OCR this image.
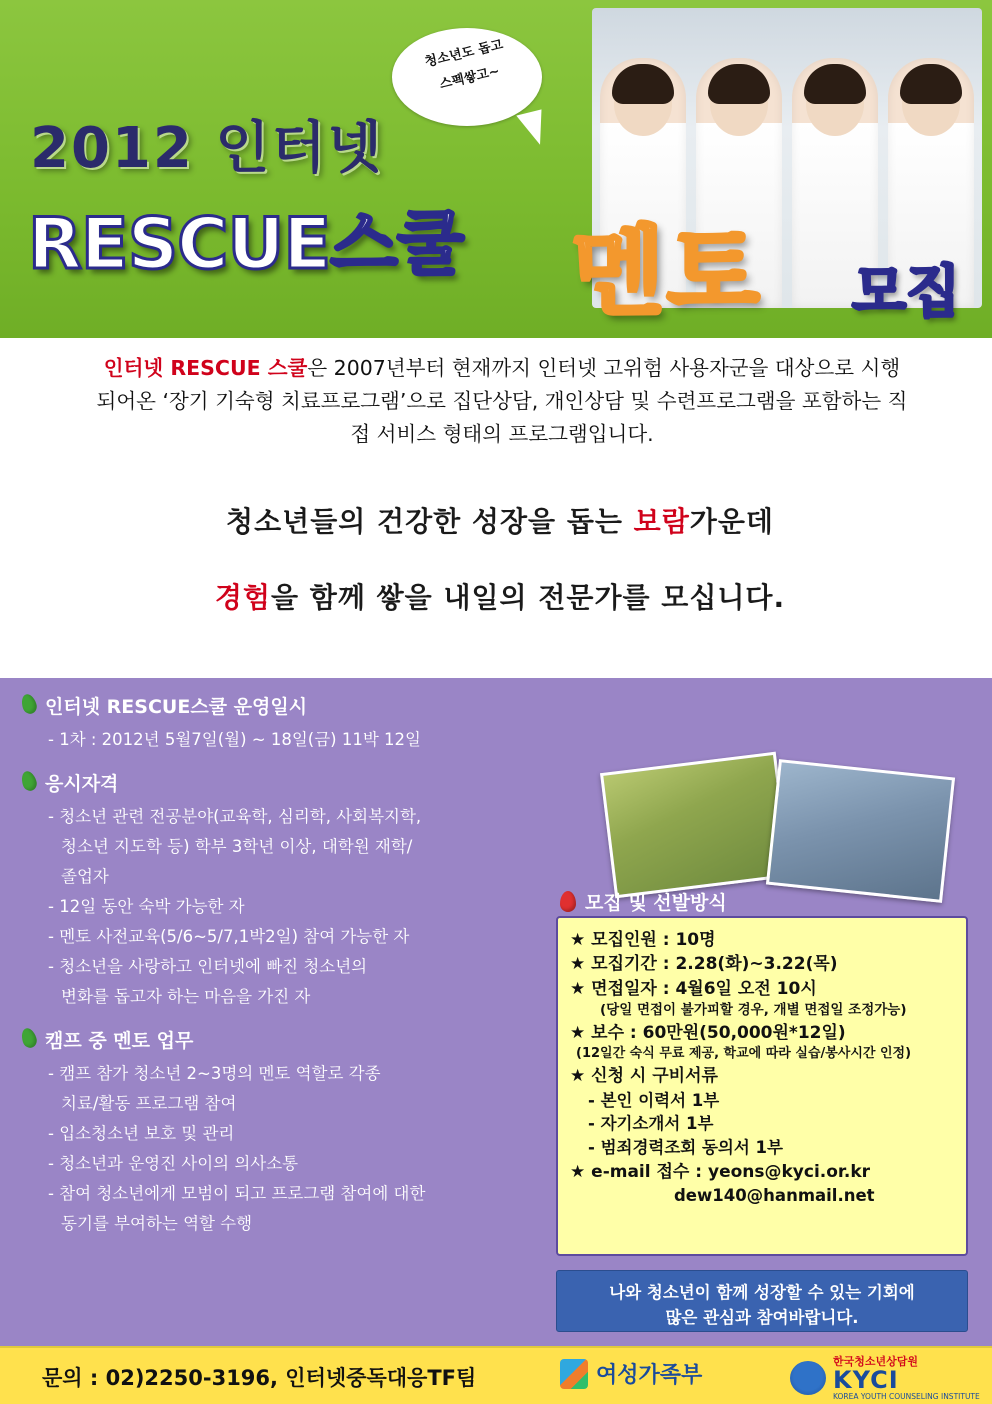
청소년도 돕고
스펙쌓고~
2012 인터넷
RESCUE스쿨 멘토 모집
인터넷 RESCUE 스쿨은 2007년부터 현재까지 인터넷 고위험 사용자군을 대상으로 시행되어온 ‘장기 기숙형 치료프로그램’으로 집단상담, 개인상담 및 수련프로그램을 포함하는 직접 서비스 형태의 프로그램입니다.
청소년들의 건강한 성장을 돕는 보람가운데
경험을 함께 쌓을 내일의 전문가를 모십니다.
인터넷 RESCUE스쿨 운영일시
- 1차 : 2012년 5월7일(월) ~ 18일(금) 11박 12일
응시자격
- 청소년 관련 전공분야(교육학, 심리학, 사회복지학,
청소년 지도학 등) 학부 3학년 이상, 대학원 재학/
졸업자
- 12일 동안 숙박 가능한 자
- 멘토 사전교육(5/6~5/7,1박2일) 참여 가능한 자
- 청소년을 사랑하고 인터넷에 빠진 청소년의
변화를 돕고자 하는 마음을 가진 자
캠프 중 멘토 업무
- 캠프 참가 청소년 2~3명의 멘토 역할로 각종
치료/활동 프로그램 참여
- 입소청소년 보호 및 관리
- 청소년과 운영진 사이의 의사소통
- 참여 청소년에게 모범이 되고 프로그램 참여에 대한
동기를 부여하는 역할 수행
모집 및 선발방식
★ 모집인원 : 10명
★ 모집기간 : 2.28(화)~3.22(목)
★ 면접일자 : 4월6일 오전 10시
(당일 면접이 불가피할 경우, 개별 면접일 조정가능)
★ 보수 : 60만원(50,000원*12일)
(12일간 숙식 무료 제공, 학교에 따라 실습/봉사시간 인정)
★ 신청 시 구비서류
- 본인 이력서 1부
- 자기소개서 1부
- 범죄경력조회 동의서 1부
★ e-mail 접수 : yeons@kyci.or.kr
dew140@hanmail.net
나와 청소년이 함께 성장할 수 있는 기회에
많은 관심과 참여바랍니다.
문의 : 02)2250-3196, 인터넷중독대응TF팀	여성가족부
한국청소년상담원
KYCI
KOREA YOUTH COUNSELING INSTITUTE
